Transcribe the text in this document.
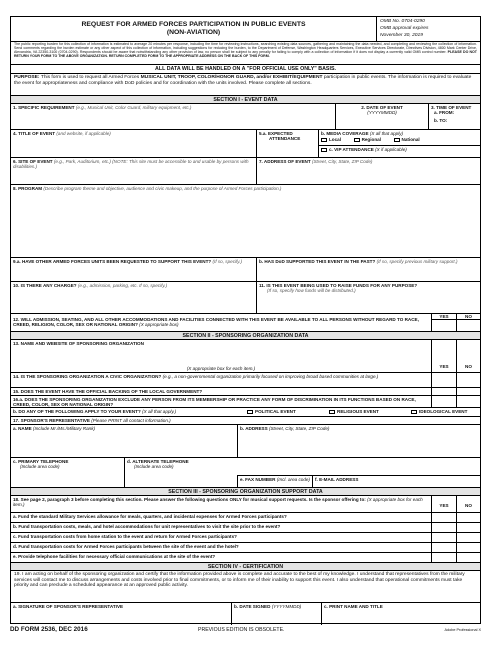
REQUEST FOR ARMED FORCES PARTICIPATION IN PUBLIC EVENTS
(NON-AVIATION)
OMB No. 0704-0290
OMB approval expires
November 30, 2019
The public reporting burden for this collection of information is estimated to average 20 minutes per response, including the time for reviewing instructions, searching existing data sources, gathering and maintaining the data needed, and completing and reviewing the collection of information. Send comments regarding the burden estimate or any other aspect of this collection of information, including suggestions for reducing the burden, to the Department of Defense, Washington Headquarters Services, Executive Services Directorate, Directives Division, 4800 Mark Center Drive, Alexandria, VA 22350-3100 (0704-0290). Respondents should be aware that notwithstanding any other provision of law, no person shall be subject to any penalty for failing to comply with a collection of information if it does not display a currently valid OMB control number. PLEASE DO NOT RETURN YOUR FORM TO THE ABOVE ORGANIZATION. RETURN COMPLETED FORM TO THE APPROPRIATE ADDRESS ON THE BACK OF THIS FORM.
ALL DATA WILL BE HANDLED ON A "FOR OFFICIAL USE ONLY" BASIS.
PURPOSE: This form is used to request all Armed Forces MUSICAL UNIT, TROOP, COLOR/HONOR GUARD, and/or EXHIBIT/EQUIPMENT participation in public events. The information is required to evaluate the event for appropriateness and compliance with DoD policies and for coordination with the units involved. Please complete all sections.
SECTION I - EVENT DATA
1. SPECIFIC REQUIREMENT (e.g., Musical Unit, Color Guard, military equipment, etc.)	2. DATE OF EVENT
(YYYYMMDD)
3. TIME OF EVENT
a. FROM:
b. TO:
4. TITLE OF EVENT (and website, if applicable)	5.a. EXPECTED
ATTENDANCE
b. MEDIA COVERAGE (X all that apply)
Local	Regional	National
c. VIP ATTENDANCE (X if applicable)
6. SITE OF EVENT (e.g., Park, Auditorium, etc.) (NOTE: This site must be accessible to and usable by persons with disabilities.)
7. ADDRESS OF EVENT (Street, City, State, ZIP Code)
8. PROGRAM (Describe program theme and objective, audience and civic makeup, and the purpose of Armed Forces participation.)
9.a. HAVE OTHER ARMED FORCES UNITS BEEN REQUESTED TO SUPPORT THIS EVENT? (If so, specify.)	b. HAS DoD SUPPORTED THIS EVENT IN THE PAST? (If so, specify previous military support.)
10. IS THERE ANY CHARGE? (e.g., admission, parking, etc. If so, specify.)	11. IS THIS EVENT BEING USED TO RAISE FUNDS FOR ANY PURPOSE?
(If so, specify how funds will be distributed.)
12. WILL ADMISSION, SEATING, AND ALL OTHER ACCOMMODATIONS AND FACILITIES CONNECTED WITH THIS EVENT BE AVAILABLE TO ALL PERSONS WITHOUT REGARD TO RACE, CREED, RELIGION, COLOR, SEX OR NATIONAL ORIGIN? (X appropriate box)
YES	NO
SECTION II - SPONSORING ORGANIZATION DATA
13. NAME AND WEBSITE OF SPONSORING ORGANIZATION
(X appropriate box for each item.)	YES	NO
14. IS THE SPONSORING ORGANIZATION A CIVIC ORGANIZATION? (e.g., a non-governmental organization primarily focused on improving broad based communities at large.)
15. DOES THE EVENT HAVE THE OFFICIAL BACKING OF THE LOCAL GOVERNMENT?
16.a. DOES THE SPONSORING ORGANIZATION EXCLUDE ANY PERSON FROM ITS MEMBERSHIP OR PRACTICE ANY FORM OF DISCRIMINATION IN ITS FUNCTIONS BASED ON RACE, CREED, COLOR, SEX OR NATIONAL ORIGIN?
b. DO ANY OF THE FOLLOWING APPLY TO YOUR EVENT? (X all that apply.)	POLITICAL EVENT	RELIGIOUS EVENT	IDEOLOGICAL EVENT
17. SPONSOR'S REPRESENTATIVE (Please PRINT all contact information.)
a. NAME (Include Mr./Ms./Military Rank)	b. ADDRESS (Street, City, State, ZIP Code)
c. PRIMARY TELEPHONE
(Include area code)
d. ALTERNATE TELEPHONE
(Include area code)
e. FAX NUMBER (Incl. area code)	f. E-MAIL ADDRESS
SECTION III - SPONSORING ORGANIZATION SUPPORT DATA
18. See page 2, paragraph 3 before completing this section. Please answer the following questions ONLY for musical support requests. Is the sponsor offering to: (X appropriate box for each item.)	YES	NO
a. Fund the standard Military Services allowance for meals, quarters, and incidental expenses for Armed Forces participants?
b. Fund transportation costs, meals, and hotel accommodations for unit representatives to visit the site prior to the event?
c. Fund transportation costs from home station to the event and return for Armed Forces participants?
d. Fund transportation costs for Armed Forces participants between the site of the event and the hotel?
e. Provide telephone facilities for necessary official communications at the site of the event?
SECTION IV - CERTIFICATION
19. I am acting on behalf of the sponsoring organization and certify that the information provided above is complete and accurate to the best of my knowledge. I understand that representatives from the military services will contact me to discuss arrangements and costs involved prior to final commitments, or to inform me of their inability to support this event. I also understand that operational commitments must take priority and can preclude a scheduled appearance at an approved public activity.
a. SIGNATURE OF SPONSOR'S REPRESENTATIVE	b. DATE SIGNED (YYYYMMDD)	c. PRINT NAME AND TITLE
DD FORM 2536, DEC 2016	PREVIOUS EDITION IS OBSOLETE.	Adobe Professional X
